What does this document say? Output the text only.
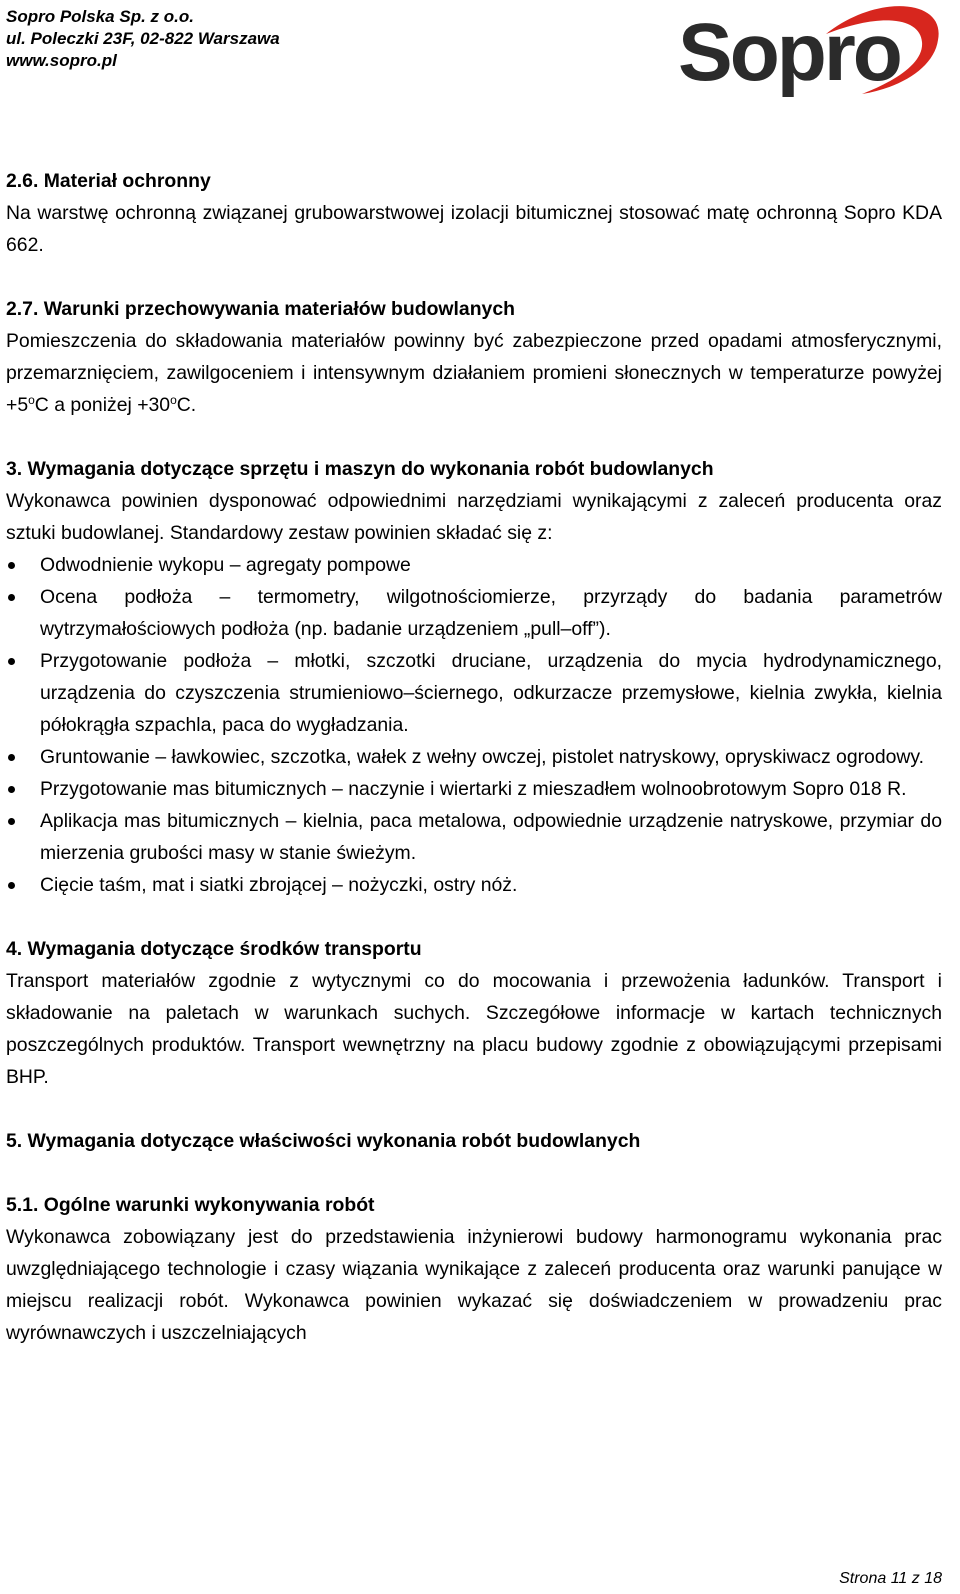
Sopro Polska Sp. z o.o.
ul. Poleczki 23F, 02-822 Warszawa
www.sopro.pl	Sopro

2.6. Materiał ochronny

Na warstwę ochronną związanej grubowarstwowej izolacji bitumicznej stosować matę ochronną Sopro KDA 662.

2.7. Warunki przechowywania materiałów budowlanych

Pomieszczenia do składowania materiałów powinny być zabezpieczone przed opadami atmosferycznymi, przemarznięciem, zawilgoceniem i intensywnym działaniem promieni słonecznych w temperaturze powyżej $+5^oC$ a poniżej $+30^oC$.

3. Wymagania dotyczące sprzętu i maszyn do wykonania robót budowlanych

Wykonawca powinien dysponować odpowiednimi narzędziami wynikającymi z zaleceń producenta oraz sztuki budowlanej. Standardowy zestaw powinien składać się z:

Odwodnienie wykopu – agregaty pompowe
Ocena podłoża – termometry, wilgotnościomierze, przyrządy do badania parametrów wytrzymałościowych podłoża (np. badanie urządzeniem „pull–off”).
Przygotowanie podłoża – młotki, szczotki druciane, urządzenia do mycia hydrodynamicznego, urządzenia do czyszczenia strumieniowo–ściernego, odkurzacze przemysłowe, kielnia zwykła, kielnia półokrągła szpachla, paca do wygładzania.
Gruntowanie – ławkowiec, szczotka, wałek z wełny owczej, pistolet natryskowy, opryskiwacz ogrodowy.
Przygotowanie mas bitumicznych – naczynie i wiertarki z mieszadłem wolnoobrotowym Sopro 018 R.
Aplikacja mas bitumicznych – kielnia, paca metalowa, odpowiednie urządzenie natryskowe, przymiar do mierzenia grubości masy w stanie świeżym.
Cięcie taśm, mat i siatki zbrojącej – nożyczki, ostry nóż.

4. Wymagania dotyczące środków transportu

Transport materiałów zgodnie z wytycznymi co do mocowania i przewożenia ładunków. Transport i składowanie na paletach w warunkach suchych. Szczegółowe informacje w kartach technicznych poszczególnych produktów. Transport wewnętrzny na placu budowy zgodnie z obowiązującymi przepisami BHP.

5. Wymagania dotyczące właściwości wykonania robót budowlanych

5.1. Ogólne warunki wykonywania robót

Wykonawca zobowiązany jest do przedstawienia inżynierowi budowy harmonogramu wykonania prac uwzględniającego technologie i czasy wiązania wynikające z zaleceń producenta oraz warunki panujące w miejscu realizacji robót. Wykonawca powinien wykazać się doświadczeniem w prowadzeniu prac wyrównawczych i uszczelniających

Strona 11 z 18
